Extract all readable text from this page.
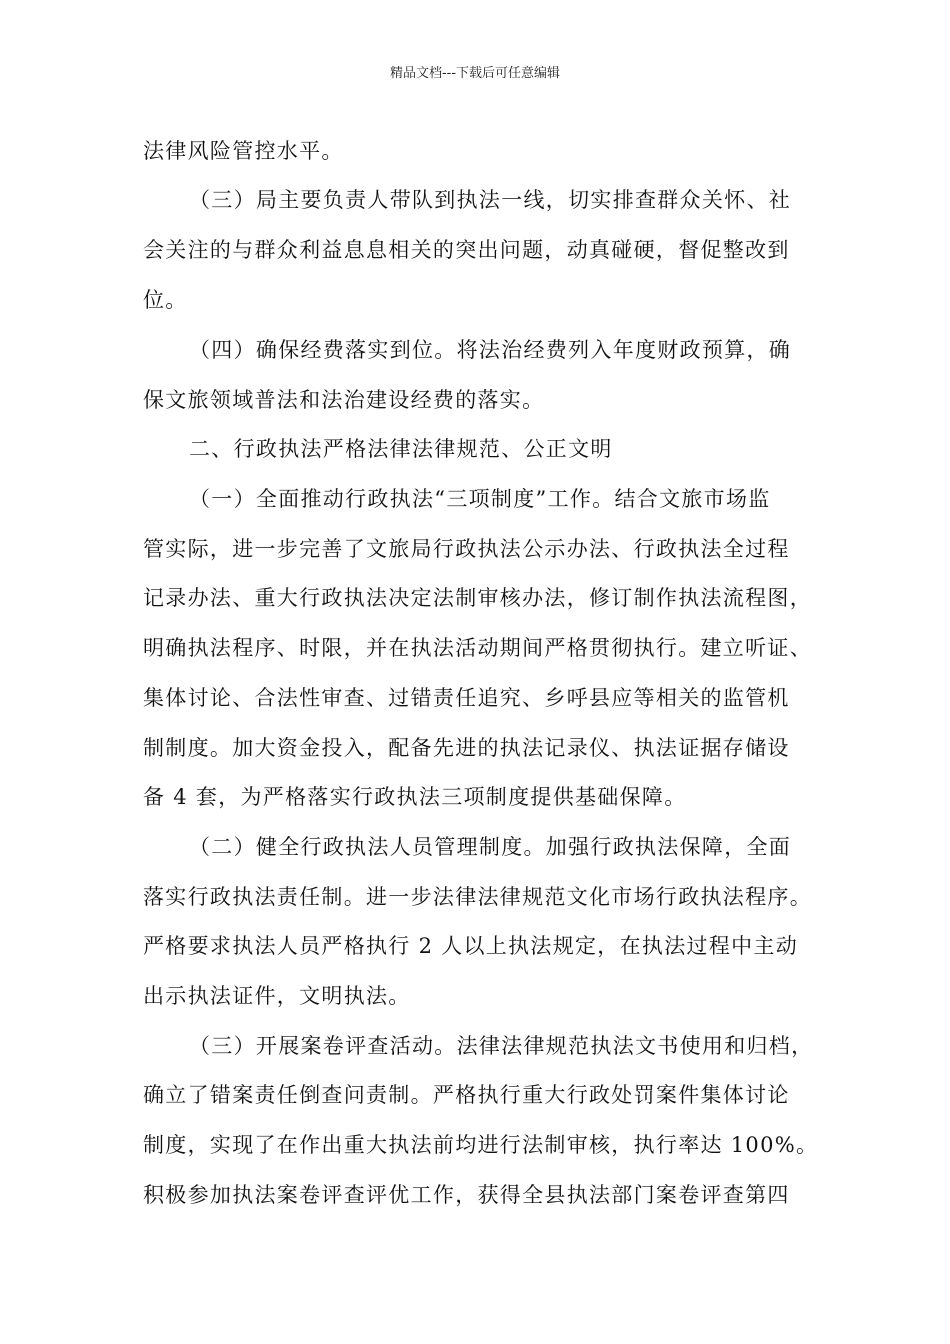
精品文档---下载后可任意编辑
法律风险管控水平。
（三）局主要负责人带队到执法一线，切实排查群众关怀、社
会关注的与群众利益息息相关的突出问题，动真碰硬，督促整改到
位。
（四）确保经费落实到位。将法治经费列入年度财政预算，确
保文旅领域普法和法治建设经费的落实。
二、行政执法严格法律法律规范、公正文明
（一）全面推动行政执法“三项制度”工作。结合文旅市场监
管实际，进一步完善了文旅局行政执法公示办法、行政执法全过程
记录办法、重大行政执法决定法制审核办法，修订制作执法流程图，
明确执法程序、时限，并在执法活动期间严格贯彻执行。建立听证、
集体讨论、合法性审查、过错责任追究、乡呼县应等相关的监管机
制制度。加大资金投入，配备先进的执法记录仪、执法证据存储设
备 4 套，为严格落实行政执法三项制度提供基础保障。
（二）健全行政执法人员管理制度。加强行政执法保障，全面
落实行政执法责任制。进一步法律法律规范文化市场行政执法程序。
严格要求执法人员严格执行 2 人以上执法规定，在执法过程中主动
出示执法证件，文明执法。
（三）开展案卷评查活动。法律法律规范执法文书使用和归档，
确立了错案责任倒查问责制。严格执行重大行政处罚案件集体讨论
制度，实现了在作出重大执法前均进行法制审核，执行率达 100%。
积极参加执法案卷评查评优工作，获得全县执法部门案卷评查第四
